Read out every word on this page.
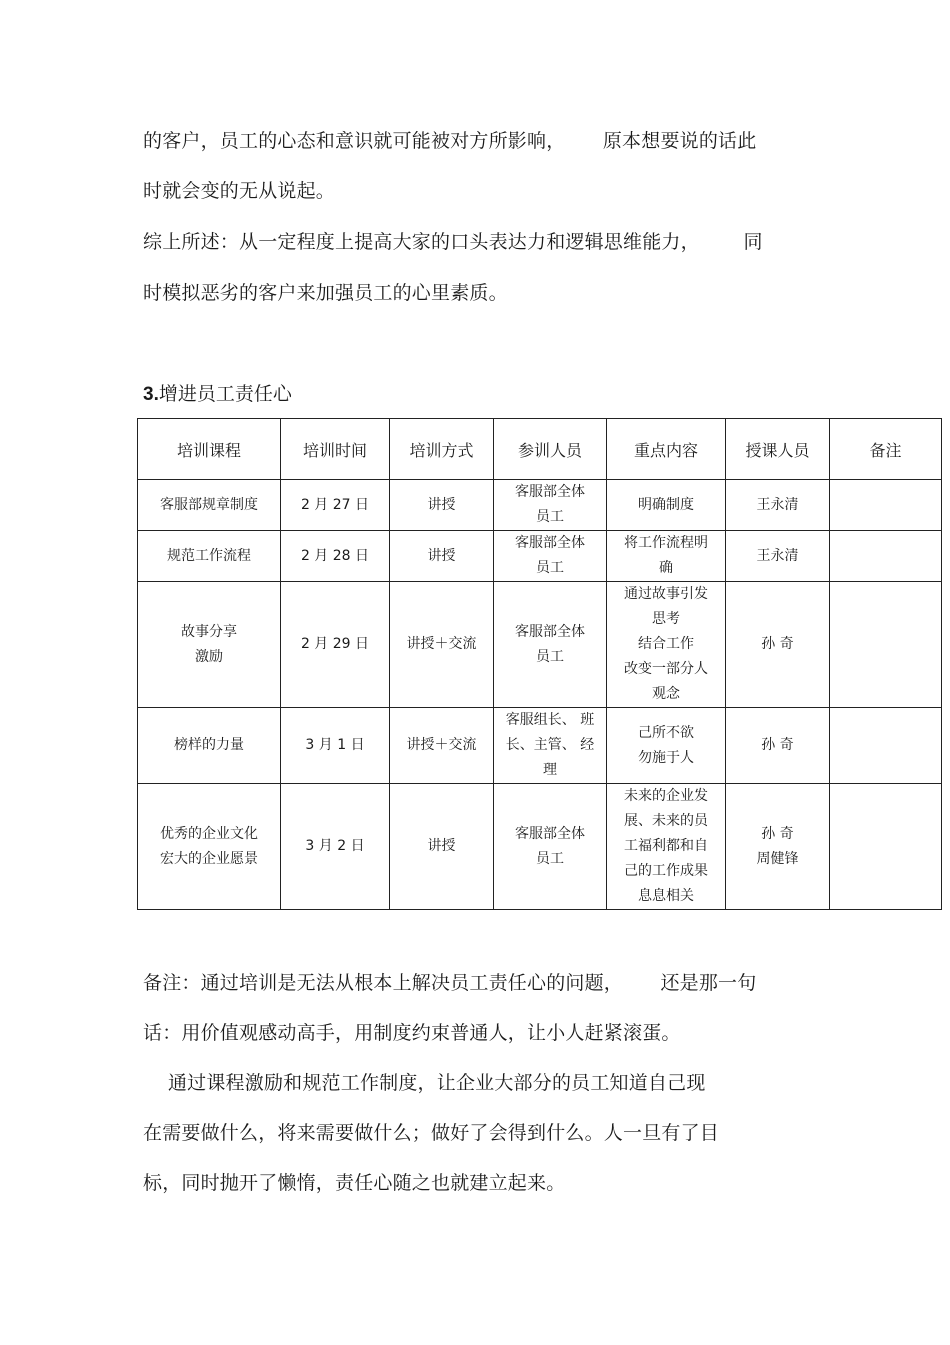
的客户，员工的心态和意识就可能被对方所影响，      原本想要说的话此
时就会变的无从说起。
综上所述：从一定程度上提高大家的口头表达力和逻辑思维能力，       同
时模拟恶劣的客户来加强员工的心里素质。
3.增进员工责任心
培训课程	培训时间	培训方式	参训人员	重点内容	授课人员	备注

客服部规章制度	2 月 27 日	讲授	客服部全体
员工	明确制度	王永清	

规范工作流程	2 月 28 日	讲授	客服部全体
员工	将工作流程明
确	王永清	

故事分享
激励	2 月 29 日	讲授＋交流	客服部全体
员工	通过故事引发
思考
结合工作
改变一部分人
观念	孙 奇	

榜样的力量	3 月 1 日	讲授＋交流	客服组长、 班
长、主管、 经
理	己所不欲
勿施于人	孙 奇	

优秀的企业文化
宏大的企业愿景	3 月 2 日	讲授	客服部全体
员工	未来的企业发
展、未来的员
工福利都和自
己的工作成果
息息相关	孙 奇
周健锋	

备注：通过培训是无法从根本上解决员工责任心的问题，      还是那一句
话：用价值观感动高手，用制度约束普通人，让小人赶紧滚蛋。
通过课程激励和规范工作制度，让企业大部分的员工知道自己现
在需要做什么，将来需要做什么；做好了会得到什么。人一旦有了目
标，同时抛开了懒惰，责任心随之也就建立起来。
